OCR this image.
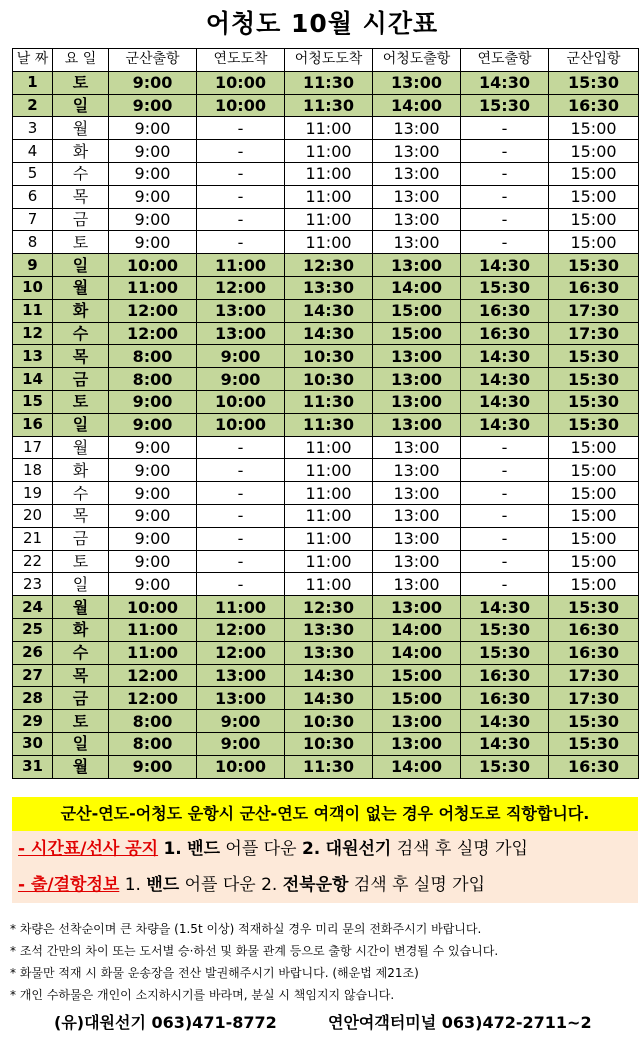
어청도 10월 시간표
날 짜	요 일	군산출항	연도도착	어청도도착	어청도출항	연도출항	군산입항
1	토	9:00	10:00	11:30	13:00	14:30	15:30
2	일	9:00	10:00	11:30	14:00	15:30	16:30
3	월	9:00	-	11:00	13:00	-	15:00
4	화	9:00	-	11:00	13:00	-	15:00
5	수	9:00	-	11:00	13:00	-	15:00
6	목	9:00	-	11:00	13:00	-	15:00
7	금	9:00	-	11:00	13:00	-	15:00
8	토	9:00	-	11:00	13:00	-	15:00
9	일	10:00	11:00	12:30	13:00	14:30	15:30
10	월	11:00	12:00	13:30	14:00	15:30	16:30
11	화	12:00	13:00	14:30	15:00	16:30	17:30
12	수	12:00	13:00	14:30	15:00	16:30	17:30
13	목	8:00	9:00	10:30	13:00	14:30	15:30
14	금	8:00	9:00	10:30	13:00	14:30	15:30
15	토	9:00	10:00	11:30	13:00	14:30	15:30
16	일	9:00	10:00	11:30	13:00	14:30	15:30
17	월	9:00	-	11:00	13:00	-	15:00
18	화	9:00	-	11:00	13:00	-	15:00
19	수	9:00	-	11:00	13:00	-	15:00
20	목	9:00	-	11:00	13:00	-	15:00
21	금	9:00	-	11:00	13:00	-	15:00
22	토	9:00	-	11:00	13:00	-	15:00
23	일	9:00	-	11:00	13:00	-	15:00
24	월	10:00	11:00	12:30	13:00	14:30	15:30
25	화	11:00	12:00	13:30	14:00	15:30	16:30
26	수	11:00	12:00	13:30	14:00	15:30	16:30
27	목	12:00	13:00	14:30	15:00	16:30	17:30
28	금	12:00	13:00	14:30	15:00	16:30	17:30
29	토	8:00	9:00	10:30	13:00	14:30	15:30
30	일	8:00	9:00	10:30	13:00	14:30	15:30
31	월	9:00	10:00	11:30	14:00	15:30	16:30
군산-연도-어청도 운항시 군산-연도 여객이 없는 경우 어청도로 직항합니다.
- 시간표/선사 공지 1. 밴드 어플 다운 2. 대원선기 검색 후 실명 가입
- 출/결항정보 1. 밴드 어플 다운 2. 전북운항 검색 후 실명 가입
* 차량은 선착순이며 큰 차량을 (1.5t 이상) 적재하실 경우 미리 문의 전화주시기 바랍니다.
* 조석 간만의 차이 또는 도서별 승·하선 및 화물 관계 등으로 출항 시간이 변경될 수 있습니다.
* 화물만 적재 시 화물 운송장을 전산 발권해주시기 바랍니다. (해운법 제21조)
* 개인 수하물은 개인이 소지하시기를 바라며, 분실 시 책임지지 않습니다.
(유)대원선기 063)471-8772	연안여객터미널 063)472-2711~2
